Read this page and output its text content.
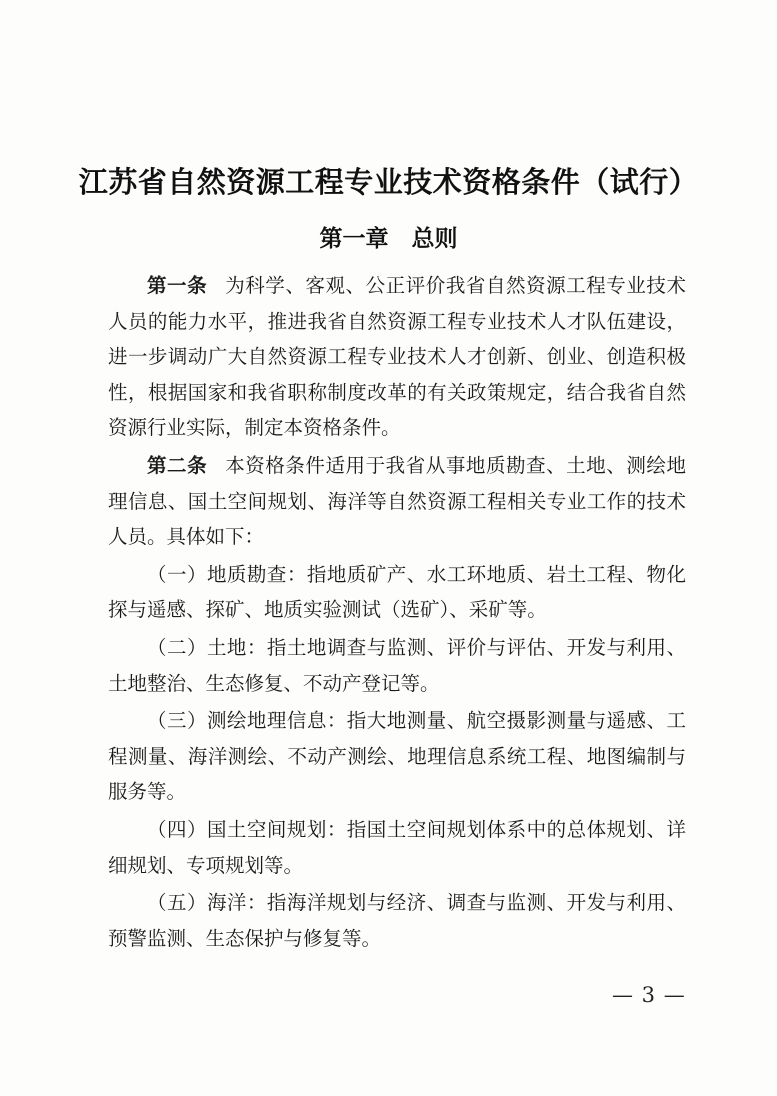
江苏省自然资源工程专业技术资格条件（试行）
第一章　总则

第一条 为科学、客观、公正评价我省自然资源工程专业技术人员的能力水平，推进我省自然资源工程专业技术人才队伍建设，进一步调动广大自然资源工程专业技术人才创新、创业、创造积极性，根据国家和我省职称制度改革的有关政策规定，结合我省自然资源行业实际，制定本资格条件。

第二条 本资格条件适用于我省从事地质勘查、土地、测绘地理信息、国土空间规划、海洋等自然资源工程相关专业工作的技术人员。具体如下：

（一）地质勘查：指地质矿产、水工环地质、岩土工程、物化探与遥感、探矿、地质实验测试（选矿）、采矿等。

（二）土地：指土地调查与监测、评价与评估、开发与利用、土地整治、生态修复、不动产登记等。

（三）测绘地理信息：指大地测量、航空摄影测量与遥感、工程测量、海洋测绘、不动产测绘、地理信息系统工程、地图编制与服务等。

（四）国土空间规划：指国土空间规划体系中的总体规划、详细规划、专项规划等。

（五）海洋：指海洋规划与经济、调查与监测、开发与利用、预警监测、生态保护与修复等。

— 3 —
